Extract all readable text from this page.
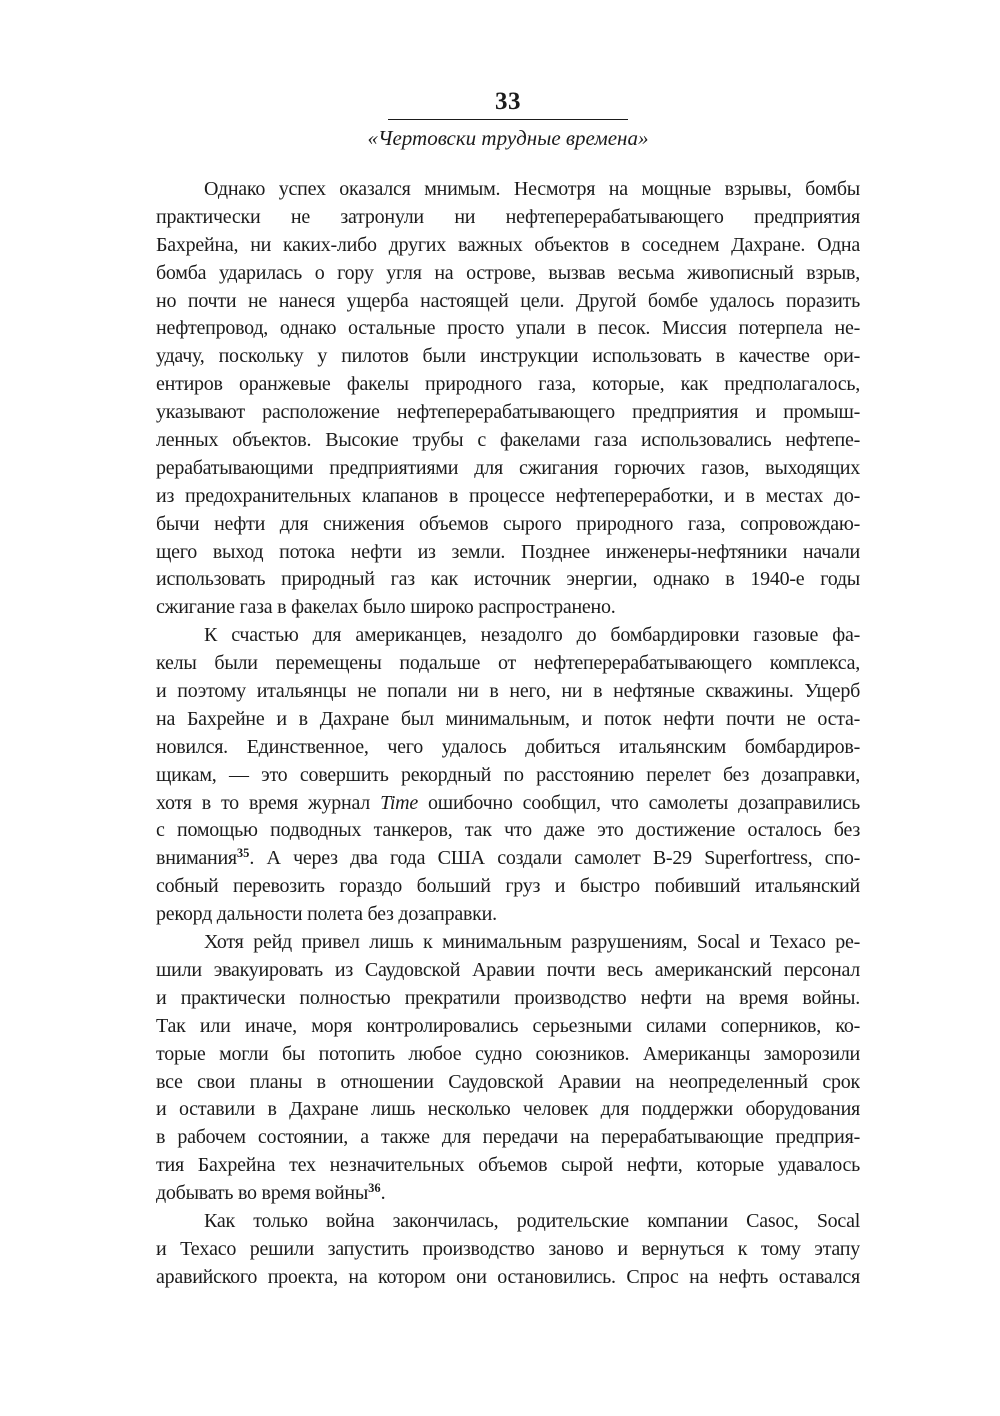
33
«Чертовски трудные времена»
Однако успех оказался мнимым. Несмотря на мощные взрывы, бомбы
практически не затронули ни нефтеперерабатывающего предприятия
Бахрейна, ни каких-либо других важных объектов в соседнем Дахране. Одна
бомба ударилась о гору угля на острове, вызвав весьма живописный взрыв,
но почти не нанеся ущерба настоящей цели. Другой бомбе удалось поразить
нефтепровод, однако остальные просто упали в песок. Миссия потерпела не-
удачу, поскольку у пилотов были инструкции использовать в качестве ори-
ентиров оранжевые факелы природного газа, которые, как предполагалось,
указывают расположение нефтеперерабатывающего предприятия и промыш-
ленных объектов. Высокие трубы с факелами газа использовались нефтепе-
рерабатывающими предприятиями для сжигания горючих газов, выходящих
из предохранительных клапанов в процессе нефтепереработки, и в местах до-
бычи нефти для снижения объемов сырого природного газа, сопровождаю-
щего выход потока нефти из земли. Позднее инженеры-нефтяники начали
использовать природный газ как источник энергии, однако в 1940-е годы
сжигание газа в факелах было широко распространено.
К счастью для американцев, незадолго до бомбардировки газовые фа-
келы были перемещены подальше от нефтеперерабатывающего комплекса,
и поэтому итальянцы не попали ни в него, ни в нефтяные скважины. Ущерб
на Бахрейне и в Дахране был минимальным, и поток нефти почти не оста-
новился. Единственное, чего удалось добиться итальянским бомбардиров-
щикам, — это совершить рекордный по расстоянию перелет без дозаправки,
хотя в то время журнал Time ошибочно сообщил, что самолеты дозаправились
с помощью подводных танкеров, так что даже это достижение осталось без
внимания$^{35}$. А через два года США создали самолет B-29 Superfortress, спо-
собный перевозить гораздо больший груз и быстро побивший итальянский
рекорд дальности полета без дозаправки.
Хотя рейд привел лишь к минимальным разрушениям, Socal и Texaco ре-
шили эвакуировать из Саудовской Аравии почти весь американский персонал
и практически полностью прекратили производство нефти на время войны.
Так или иначе, моря контролировались серьезными силами соперников, ко-
торые могли бы потопить любое судно союзников. Американцы заморозили
все свои планы в отношении Саудовской Аравии на неопределенный срок
и оставили в Дахране лишь несколько человек для поддержки оборудования
в рабочем состоянии, а также для передачи на перерабатывающие предприя-
тия Бахрейна тех незначительных объемов сырой нефти, которые удавалось
добывать во время войны$^{36}$.
Как только война закончилась, родительские компании Casoc, Socal
и Texaco решили запустить производство заново и вернуться к тому этапу
аравийского проекта, на котором они остановились. Спрос на нефть оставался
